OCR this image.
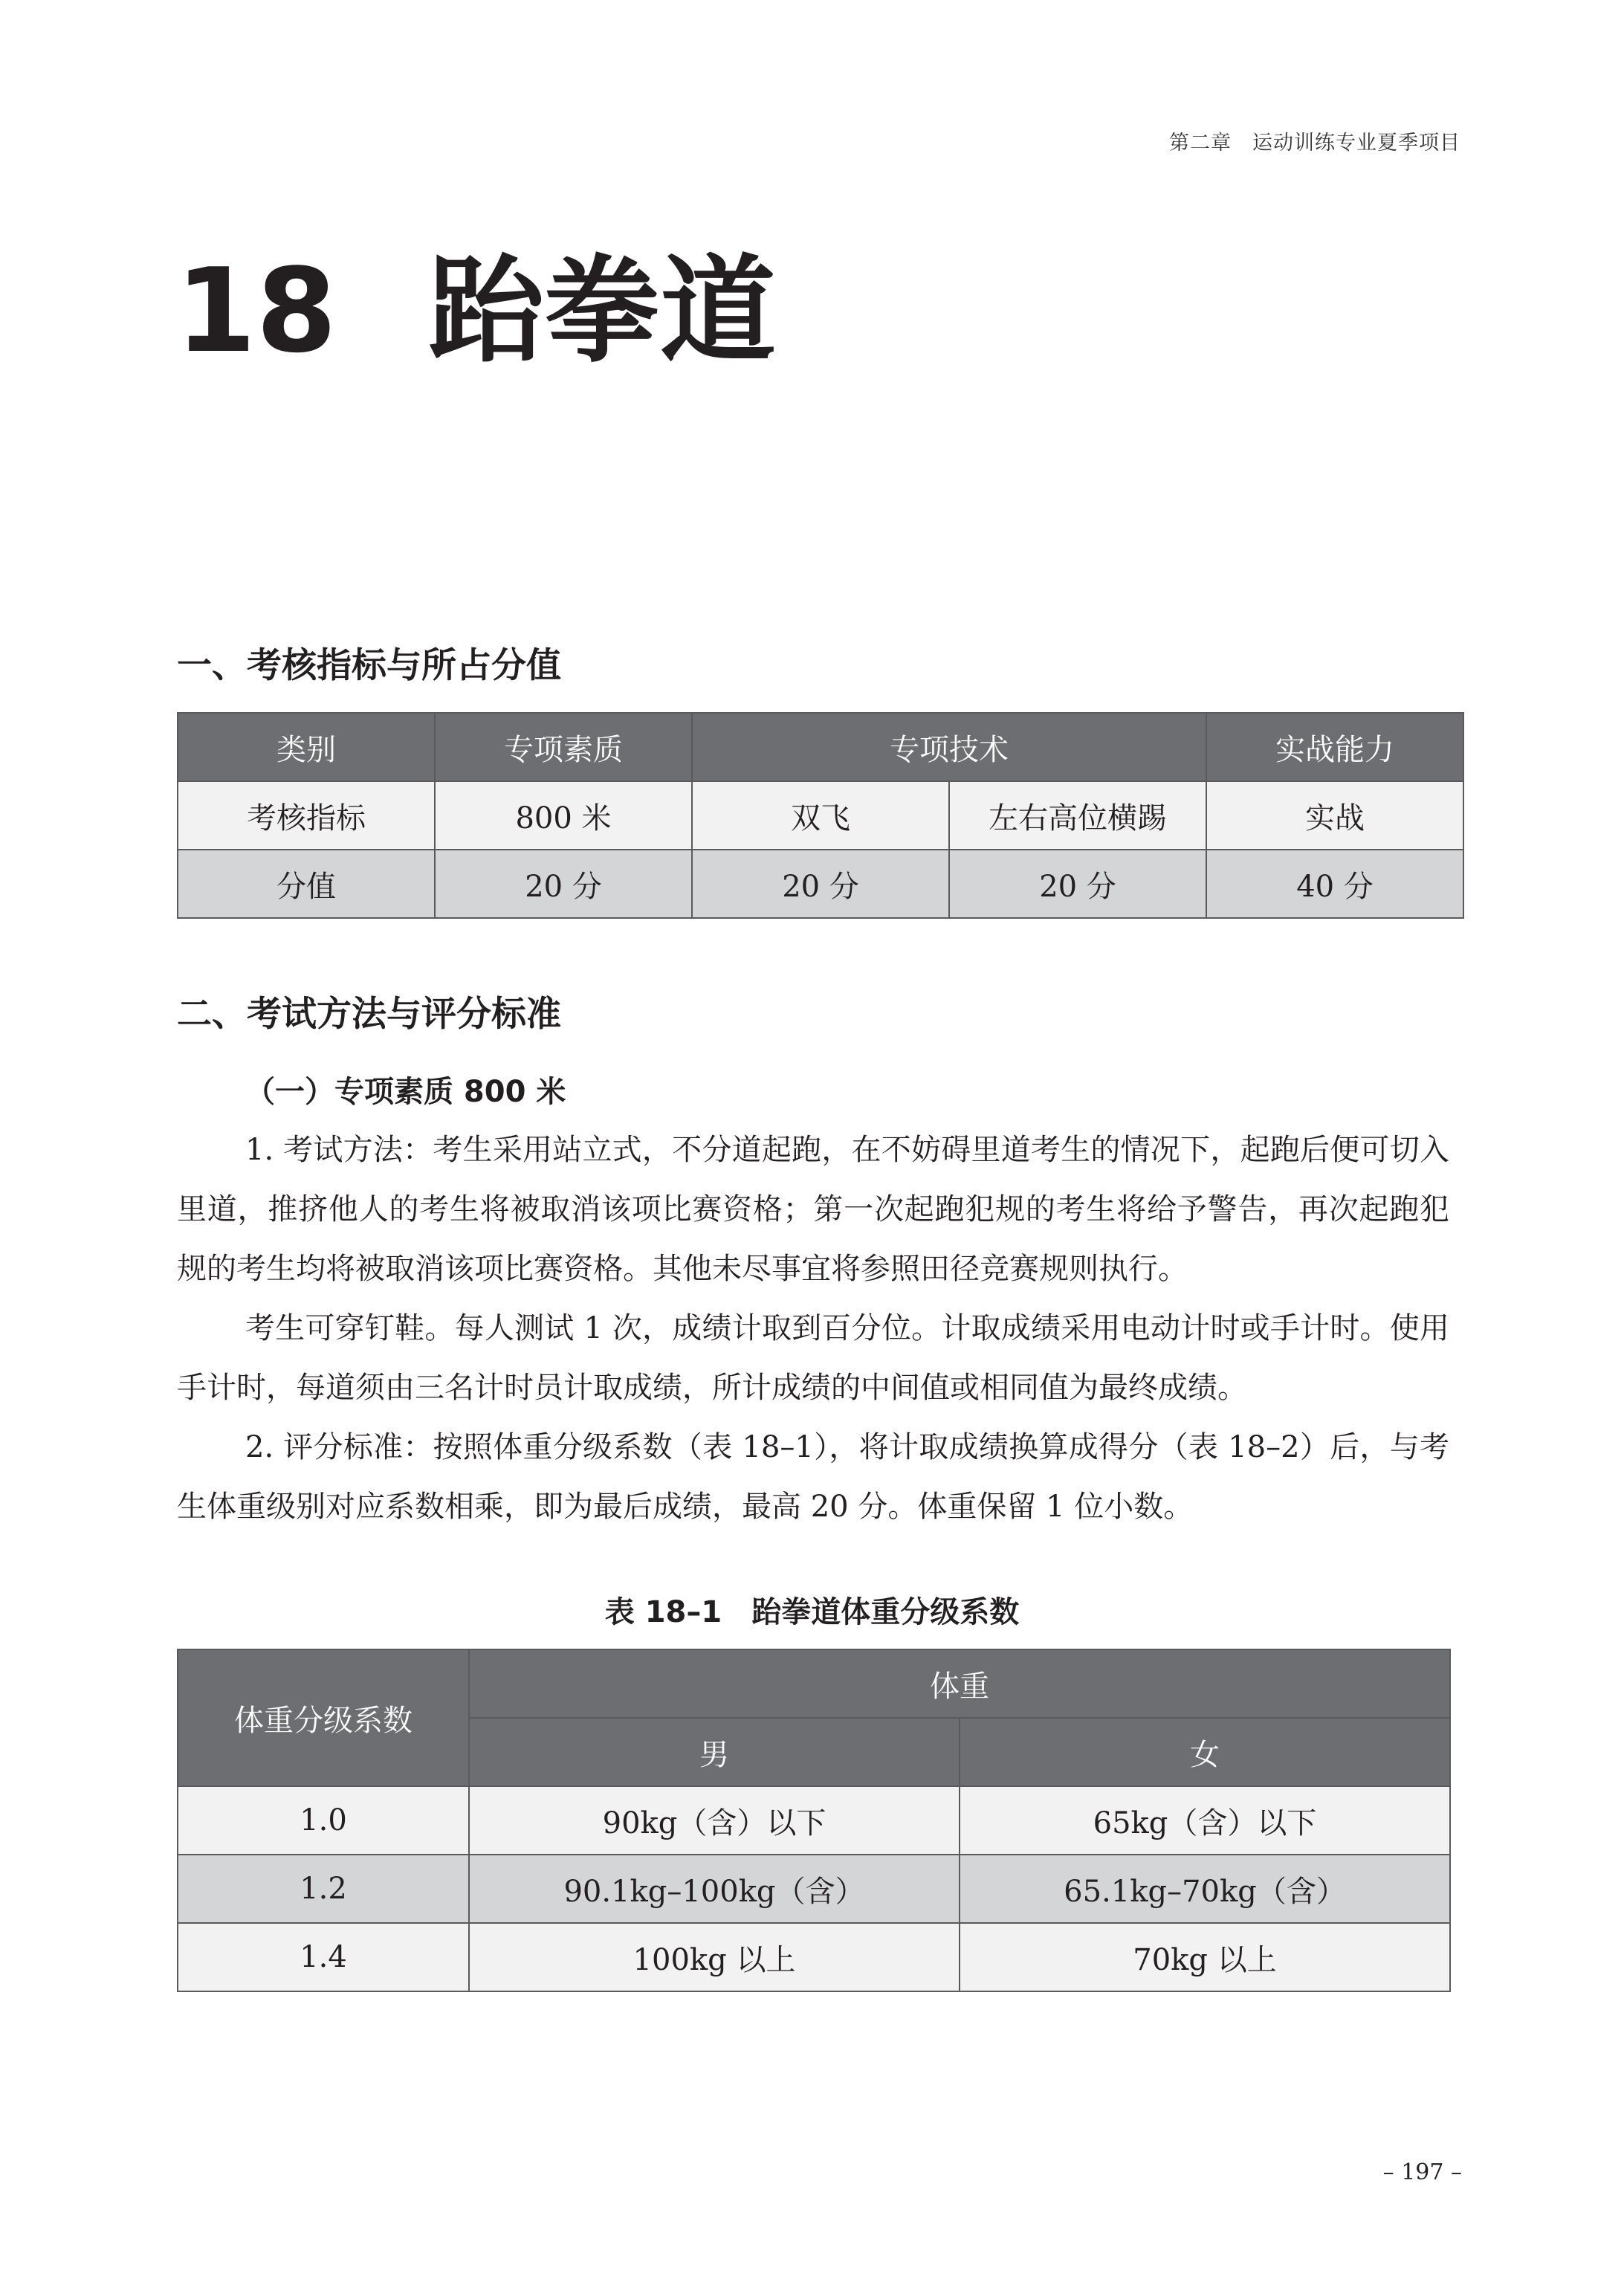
第二章　运动训练专业夏季项目
18 跆拳道
一、考核指标与所占分值
类别	专项素质	专项技术		实战能力
考核指标	800 米	双飞	左右高位横踢	实战
分值	20 分	20 分	20 分	40 分
二、考试方法与评分标准
（一）专项素质 800 米

1. 考试方法：考生采用站立式，不分道起跑，在不妨碍里道考生的情况下，起跑后便可切入里道，推挤他人的考生将被取消该项比赛资格；第一次起跑犯规的考生将给予警告，再次起跑犯规的考生均将被取消该项比赛资格。其他未尽事宜将参照田径竞赛规则执行。

考生可穿钉鞋。每人测试 1 次，成绩计取到百分位。计取成绩采用电动计时或手计时。使用手计时，每道须由三名计时员计取成绩，所计成绩的中间值或相同值为最终成绩。

2. 评分标准：按照体重分级系数（表 18–1），将计取成绩换算成得分（表 18–2）后，与考生体重级别对应系数相乘，即为最后成绩，最高 20 分。体重保留 1 位小数。

表 18–1　跆拳道体重分级系数
体重分级系数	体重	
	男	女
1.0	90kg（含）以下	65kg（含）以下
1.2	90.1kg–100kg（含）	65.1kg–70kg（含）
1.4	100kg 以上	70kg 以上
– 197 –
